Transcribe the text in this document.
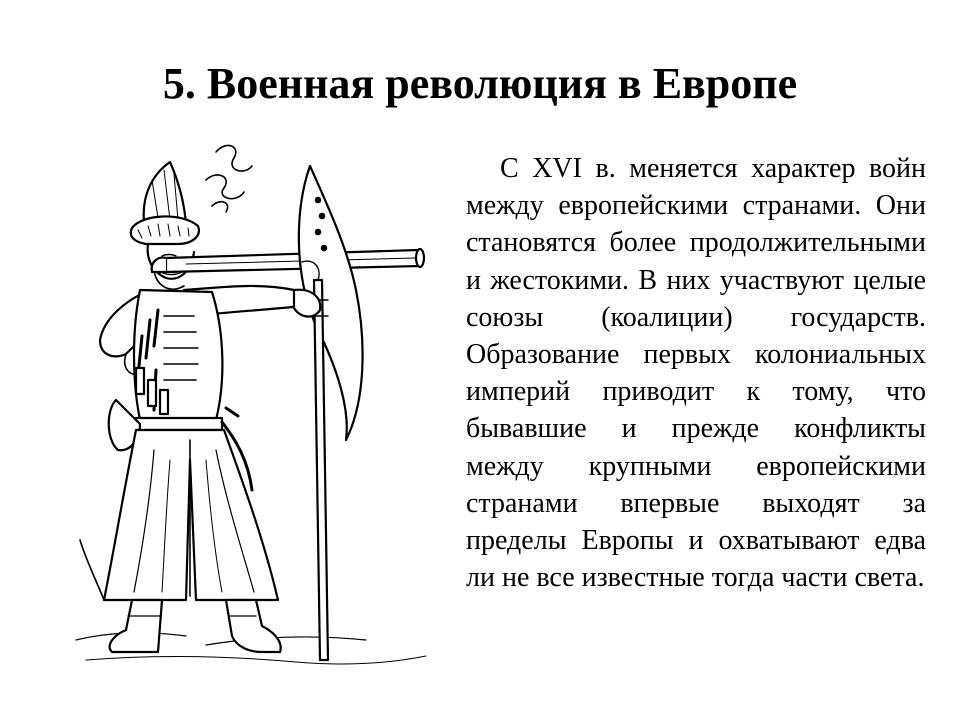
5. Военная революция в Европе

С XVI в. меняется характер войн между европейскими странами. Они становятся более продолжительными и жестокими. В них участвуют целые союзы (коалиции) государств. Образование первых колониальных империй приводит к тому, что бывавшие и прежде конфликты между крупными европейскими странами впервые выходят за пределы Европы и охватывают едва ли не все известные тогда части света.
